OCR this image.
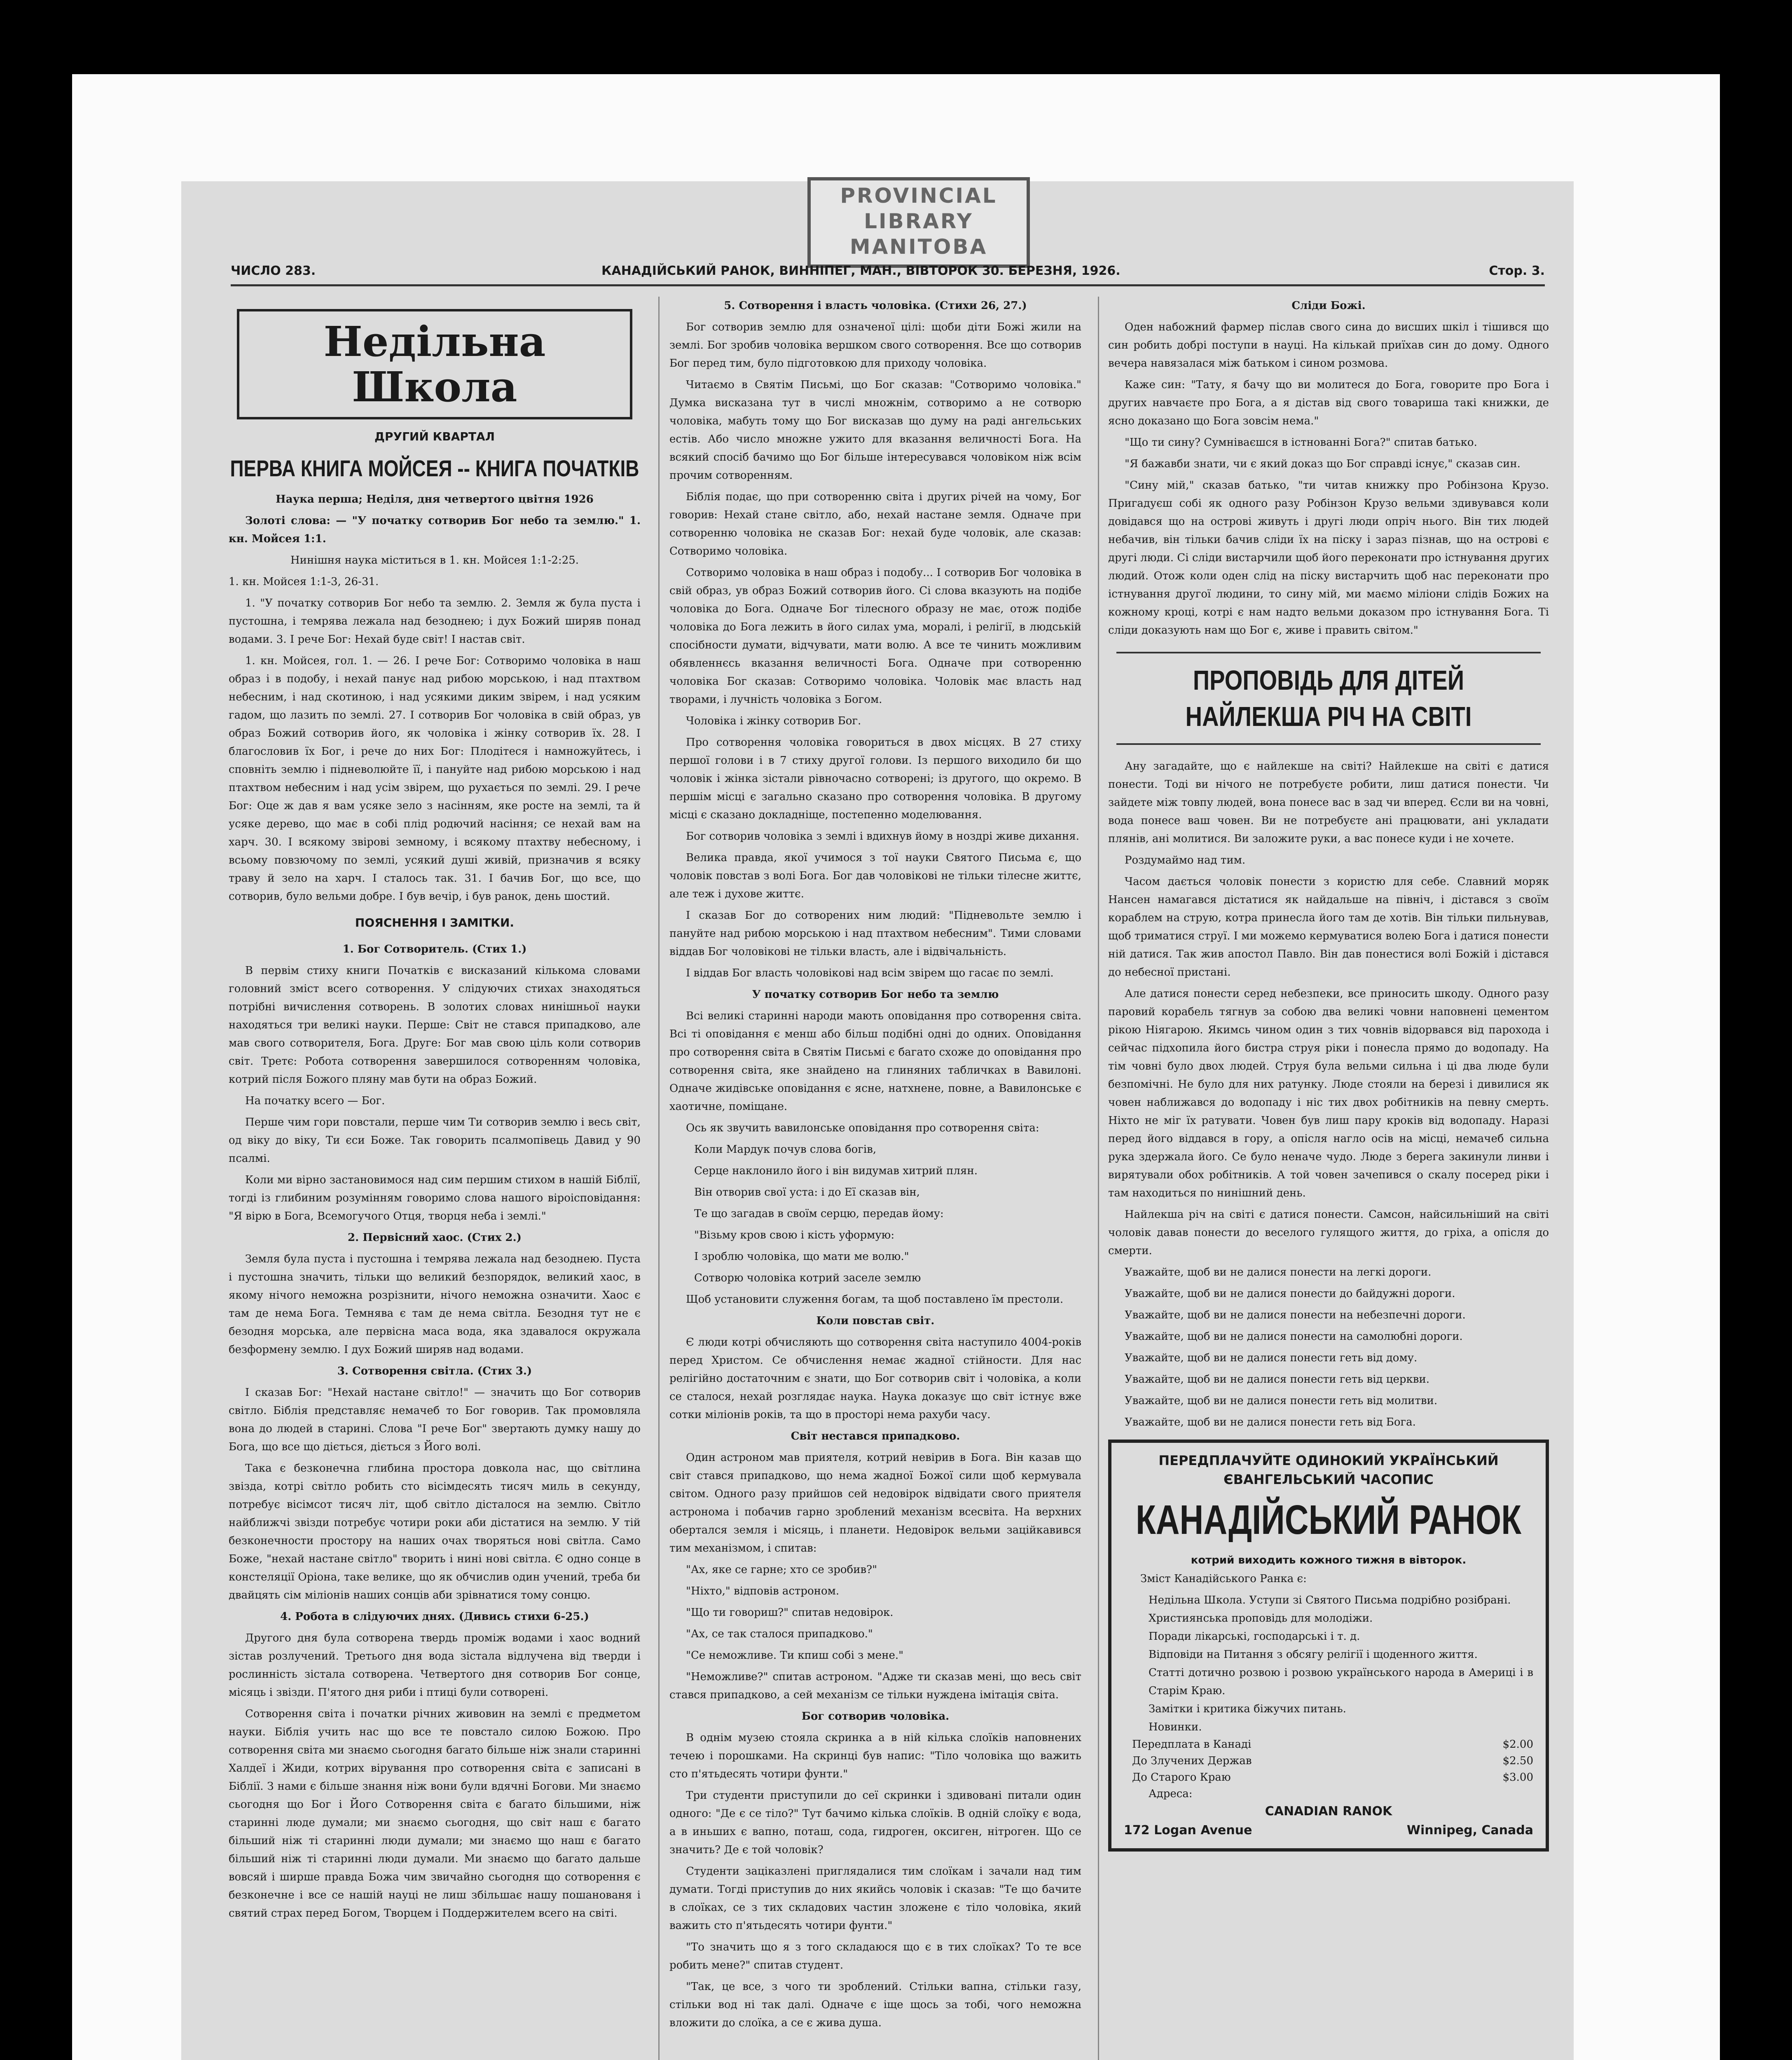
PROVINCIAL
LIBRARY
MANITOBA
ЧИСЛО 283.	КАНАДІЙСЬКИЙ РАНОК, ВИННІПЕГ, МАН., ВІВТОРОК 30. БЕРЕЗНЯ, 1926.	Стор. 3.
Недільна Школа
ДРУГИЙ КВАРТАЛ
ПЕРВА КНИГА МОЙСЕЯ -- КНИГА ПОЧАТКІВ

Наука перша; Неділя, дня четвертого цвітня 1926

Золоті слова: — "У початку сотворив Бог небо та землю." 1. кн. Мойсея 1:1.

Нинішня наука міститься в 1. кн. Мойсея 1:1-2:25.

1. кн. Мойсея 1:1-3, 26-31.

1. "У початку сотворив Бог небо та землю. 2. Земля ж була пуста і пустошна, і темрява лежала над безоднею; і дух Божий ширяв понад водами. 3. І рече Бог: Нехай буде світ! І настав світ.

1. кн. Мойсея, гол. 1. — 26. І рече Бог: Сотворимо чоловіка в наш образ і в подобу, і нехай панує над рибою морською, і над птахтвом небесним, і над скотиною, і над усякими диким звірем, і над усяким гадом, що лазить по землі. 27. І сотворив Бог чоловіка в свій образ, ув образ Божий сотворив його, як чоловіка і жінку сотворив їх. 28. І благословив їх Бог, і рече до них Бог: Плодітеся і намножуйтесь, і сповніть землю і підневолюйте її, і пануйте над рибою морською і над птахтвом небесним і над усім звірем, що рухається по землі. 29. І рече Бог: Оце ж дав я вам усяке зело з насінням, яке росте на землі, та й усяке дерево, що має в собі плід родючий насіння; се нехай вам на харч. 30. І всякому звірові земному, і всякому птахтву небесному, і всьому повзючому по землі, усякий душі живій, призначив я всяку траву й зело на харч. І сталось так. 31. І бачив Бог, що все, що сотворив, було вельми добре. І був вечір, і був ранок, день шостий.

ПОЯСНЕННЯ І ЗАМІТКИ.

1. Бог Сотворитель. (Стих 1.)

В первім стиху книги Початків є висказаний кількома словами головний зміст всего сотворення. У слідуючих стихах знаходяться потрібні вичислення сотворень. В золотих словах нинішньої науки находяться три великі науки. Перше: Світ не стався припадково, але мав свого сотворителя, Бога. Друге: Бог мав свою ціль коли сотворив світ. Третє: Робота сотворення завершилося сотворенням чоловіка, котрий після Божого пляну мав бути на образ Божий.

На початку всего — Бог.

Перше чим гори повстали, перше чим Ти сотворив землю і весь світ, од віку до віку, Ти єси Боже. Так говорить псалмопівець Давид у 90 псалмі.

Коли ми вірно застановимося над сим першим стихом в нашій Біблії, тогді із глибиним розумінням говоримо слова нашого віроісповідання: "Я вірю в Бога, Всемогучого Отця, творця неба і землі."

2. Первісний хаос. (Стих 2.)

Земля була пуста і пустошна і темрява лежала над безоднею. Пуста і пустошна значить, тільки що великий безпорядок, великий хаос, в якому нічого неможна розрізнити, нічого неможна означити. Хаос є там де нема Бога. Темнява є там де нема світла. Безодня тут не є безодня морська, але первісна маса вода, яка здавалося окружала безформену землю. І дух Божий ширяв над водами.

3. Сотворення світла. (Стих 3.)

І сказав Бог: "Нехай настане світло!" — значить що Бог сотворив світло. Біблія представляє немачеб то Бог говорив. Так промовляла вона до людей в старині. Слова "І рече Бог" звертають думку нашу до Бога, що все що діється, діється з Його волі.

Така є безконечна глибина простора довкола нас, що світлина звізда, котрі світло робить сто вісімдесять тисяч миль в секунду, потребує вісімсот тисяч літ, щоб світло дісталося на землю. Світло найближчі звізди потребує чотири роки аби дістатися на землю. У тій безконечности простору на наших очах творяться нові світла. Само Боже, "нехай настане світло" творить і нині нові світла. Є одно сонце в констеляції Оріона, таке велике, що як обчислив один учений, треба би двайцять сім міліонів наших сонців аби зрівнатися тому сонцю.

4. Робота в слідуючих днях. (Дивись стихи 6-25.)

Другого дня була сотворена твердь проміж водами і хаос водний зістав розлучений. Третього дня вода зістала відлучена від тверди і рослинність зістала сотворена. Четвертого дня сотворив Бог сонце, місяць і звізди. П'ятого дня риби і птиці були сотворені.

Сотворення світа і початки річних живовин на землі є предметом науки. Біблія учить нас що все те повстало силою Божою. Про сотворення світа ми знаємо сьогодня багато більше ніж знали старинні Халдеї і Жиди, котрих вірування про сотворення світа є записані в Біблії. З нами є більше знання ніж вони були вдячні Богови. Ми знаємо сьогодня що Бог і Його Сотворення світа є багато більшими, ніж старинні люде думали; ми знаємо сьогодня, що світ наш є багато більший ніж ті старинні люди думали; ми знаємо що наш є багато більший ніж ті старинні люди думали. Ми знаємо що багато дальше вовсяй і ширше правда Божа чим звичайно сьогодня що сотворення є безконечне і все се нашій науці не лиш збільшає нашу пошанованя і святий страх перед Богом, Творцем і Поддержителем всего на світі.

5. Сотворення і власть чоловіка. (Стихи 26, 27.)

Бог сотворив землю для означеної цілі: щоби діти Божі жили на землі. Бог зробив чоловіка вершком свого сотворення. Все що сотворив Бог перед тим, було підготовкою для приходу чоловіка.

Читаємо в Святім Письмі, що Бог сказав: "Сотворимо чоловіка." Думка висказана тут в числі множнім, сотворимо а не сотворю чоловіка, мабуть тому що Бог висказав що думу на раді ангельських естів. Або число множне ужито для вказання величності Бога. На всякий спосіб бачимо що Бог більше інтересувався чоловіком ніж всім прочим сотворенням.

Біблія подає, що при сотворенню світа і других річей на чому, Бог говорив: Нехай стане світло, або, нехай настане земля. Одначе при сотворенню чоловіка не сказав Бог: нехай буде чоловік, але сказав: Сотворимо чоловіка.

Сотворимо чоловіка в наш образ і подобу... І сотворив Бог чоловіка в свій образ, ув образ Божий сотворив його. Сі слова вказують на подібе чоловіка до Бога. Одначе Бог тілесного образу не має, отож подібе чоловіка до Бога лежить в його силах ума, моралі, і релігії, в людській спосібности думати, відчувати, мати волю. А все те чинить можливим обявленнєсь вказання величності Бога. Одначе при сотворенню чоловіка Бог сказав: Сотворимо чоловіка. Чоловік має власть над творами, і лучність чоловіка з Богом.

Чоловіка і жінку сотворив Бог.

Про сотворення чоловіка говориться в двох місцях. В 27 стиху першої голови і в 7 стиху другої голови. Із першого виходило би що чоловік і жінка зістали рівночасно сотворені; із другого, що окремо. В першім місці є загально сказано про сотворення чоловіка. В другому місці є сказано докладніще, постепенно моделювання.

Бог сотворив чоловіка з землі і вдихнув йому в ноздрі живе дихання.

Велика правда, якої учимося з тої науки Святого Письма є, що чоловік повстав з волі Бога. Бог дав чоловікові не тільки тілесне життє, але теж і духове життє.

І сказав Бог до сотворених ним людий: "Підневольте землю і пануйте над рибою морською і над птахтвом небесним". Тими словами віддав Бог чоловікові не тільки власть, але і відвічальність.

І віддав Бог власть чоловікові над всім звірем що гасає по землі.

У початку сотворив Бог небо та землю

Всі великі старинні народи мають оповідання про сотворення світа. Всі ті оповідання є менш або більш подібні одні до одних. Оповідання про сотворення світа в Святім Письмі є багато схоже до оповідання про сотворення світа, яке знайдено на глиняних табличках в Вавилоні. Одначе жидівське оповідання є ясне, натхнене, повне, а Вавилонське є хаотичне, поміщане.

Ось як звучить вавилонське оповідання про сотворення світа:

Коли Мардук почув слова богів,

Серце наклонило його і він видумав хитрий плян.

Він отворив свої уста: і до Еї сказав він,

Те що загадав в своїм серцю, передав йому:

"Візьму кров свою і кість уформую:

І зроблю чоловіка, що мати ме волю."

Сотворю чоловіка котрий заселе землю

Щоб установити служення богам, та щоб поставлено їм престоли.

Коли повстав світ.

Є люди котрі обчисляють що сотворення світа наступило 4004-років перед Христом. Се обчислення немає жадної стійности. Для нас релігійно достаточним є знати, що Бог сотворив світ і чоловіка, а коли се сталося, нехай розглядає наука. Наука доказує що світ істнує вже сотки міліонів років, та що в просторі нема рахуби часу.

Світ нестався припадково.

Один астроном мав приятеля, котрий невірив в Бога. Він казав що світ стався припадково, що нема жадної Божої сили щоб кермувала світом. Одного разу прийшов сей недовірок відвідати свого приятеля астронома і побачив гарно зроблений механізм всесвіта. На верхних обертался земля і місяць, і планети. Недовірок вельми заційкавився тим механізмом, і спитав:

"Ах, яке се гарне; хто се зробив?"

"Ніхто," відповів астроном.

"Що ти говориш?" спитав недовірок.

"Ах, се так сталося припадково."

"Се неможливе. Ти кпиш собі з мене."

"Неможливе?" спитав астроном. "Адже ти сказав мені, що весь світ стався припадково, а сей механізм се тільки нуждена імітація світа.

Бог сотворив чоловіка.

В однім музею стояла скринка а в ній кілька слоїків наповнених течею і порошками. На скринці був напис: "Тіло чоловіка що важить сто п'ятьдесять чотири фунти."

Три студенти приступили до сеї скринки і здивовані питали один одного: "Де є се тіло?" Тут бачимо кілька слоїків. В одній слоїку є вода, а в иньших є вапно, поташ, сода, гидроген, оксиген, нітроген. Що се значить? Де є той чоловік?

Студенти заціказлені приглядалися тим слоїкам і зачали над тим думати. Тогді приступив до них якийсь чоловік і сказав: "Те що бачите в слоїках, се з тих складових частин зложене є тіло чоловіка, який важить сто п'ятьдесять чотири фунти."

"То значить що я з того складаюся що є в тих слоїках? То те все робить мене?" спитав студент.

"Так, це все, з чого ти зроблений. Стільки вапна, стільки газу, стільки вод ні так далі. Одначе є іще щось за тобі, чого неможна вложити до слоїка, а се є жива душа.

Сліди Божі.

Оден набожний фармер післав свого сина до висших шкіл і тішився що син робить добрі поступи в науці. На кількай приїхав син до дому. Одного вечера навязалася між батьком і сином розмова.

Каже син: "Тату, я бачу що ви молитеся до Бога, говорите про Бога і других навчаєте про Бога, а я дістав від свого товариша такі книжки, де ясно доказано що Бога зовсім нема."

"Що ти сину? Сумніваєшся в істнованні Бога?" спитав батько.

"Я бажавби знати, чи є який доказ що Бог справді існує," сказав син.

"Сину мій," сказав батько, "ти читав книжку про Робінзона Крузо. Пригадуєш собі як одного разу Робінзон Крузо вельми здивувався коли довідався що на острові живуть і другі люди опріч нього. Він тих людей небачив, він тільки бачив сліди їх на піску і зараз пізнав, що на острові є другі люди. Сі сліди вистарчили щоб його переконати про істнування других людий. Отож коли оден слід на піску вистарчить щоб нас переконати про істнування другої людини, то сину мій, ми маємо міліони слідів Божих на кожному кроці, котрі є нам надто вельми доказом про істнування Бога. Ті сліди доказують нам що Бог є, живе і править світом."

ПРОПОВІДЬ ДЛЯ ДІТЕЙ
НАЙЛЕКША РІЧ НА СВІТІ

Ану загадайте, що є найлекше на світі? Найлекше на світі є датися понести. Тоді ви нічого не потребуєте робити, лиш датися понести. Чи зайдете між товпу людей, вона понесе вас в зад чи вперед. Єсли ви на човні, вода понесе ваш човен. Ви не потребуєте ані працювати, ані укладати плянів, ані молитися. Ви заложите руки, а вас понесе куди і не хочете.

Роздумаймо над тим.

Часом дається чоловік понести з користю для себе. Славний моряк Нансен намагався дістатися як найдальше на північ, і дістався з своїм кораблем на струю, котра принесла його там де хотів. Він тільки пильнував, щоб триматися струї. І ми можемо кермуватися волею Бога і датися понести ній датися. Так жив апостол Павло. Він дав понестися волі Божій і дістався до небесної пристані.

Але датися понести серед небезпеки, все приносить шкоду. Одного разу паровий корабель тягнув за собою два великі човни наповнені цементом рікою Ніягарою. Якимсь чином один з тих човнів відорвався від парохода і сейчас підхопила його бистра струя ріки і понесла прямо до водопаду. На тім човні було двох людей. Струя була вельми сильна і ці два люде були безпомічні. Не було для них ратунку. Люде стояли на березі і дивилися як човен наближався до водопаду і ніс тих двох робітників на певну смерть. Ніхто не міг їх ратувати. Човен був лиш пару кроків від водопаду. Наразі перед його віддався в гору, а опісля нагло осів на місці, немачеб сильна рука здержала його. Се було неначе чудо. Люде з берега закинули линви і вирятували обох робітників. А той човен зачепився о скалу посеред ріки і там находиться по нинішний день.

Найлекша річ на світі є датися понести. Самсон, найсильніший на світі чоловік давав понести до веселого гулящого життя, до гріха, а опісля до смерти.

Уважайте, щоб ви не далися понести на легкі дороги.

Уважайте, щоб ви не далися понести до байдужні дороги.

Уважайте, щоб ви не далися понести на небезпечні дороги.

Уважайте, щоб ви не далися понести на самолюбні дороги.

Уважайте, щоб ви не далися понести геть від дому.

Уважайте, щоб ви не далися понести геть від церкви.

Уважайте, щоб ви не далися понести геть від молитви.

Уважайте, щоб ви не далися понести геть від Бога.

ПЕРЕДПЛАЧУЙТЕ ОДИНОКИЙ УКРАЇНСЬКИЙ ЄВАНГЕЛЬСЬКИЙ ЧАСОПИС
КАНАДІЙСЬКИЙ РАНОК
котрий виходить кожного тижня в вівторок.

Зміст Канадійського Ранка є:

Недільна Школа. Уступи зі Святого Письма подрібно розібрані.
Християнська проповідь для молодіжи.
Поради лікарські, господарські і т. д.
Відповіди на Питання з обсягу релігії і щоденного життя.
Статті дотично розвою і розвою українського народа в Америці і в Старім Краю.
Замітки і критика біжучих питань.
Новинки.
Передплата в Канаді	$2.00
До Злучених Держав	$2.50
До Старого Краю	$3.00
Адреса:
CANADIAN RANOK
172 Logan Avenue	Winnipeg, Canada
